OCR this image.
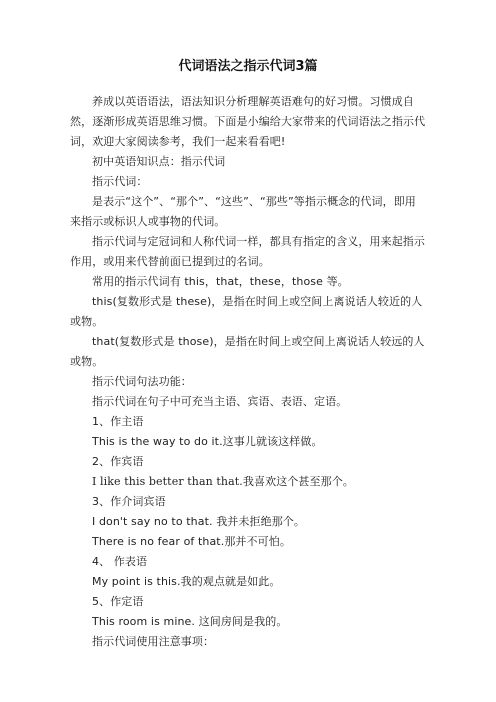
代词语法之指示代词3篇

养成以英语语法，语法知识分析理解英语难句的好习惯。习惯成自然，逐渐形成英语思维习惯。下面是小编给大家带来的代词语法之指示代词，欢迎大家阅读参考，我们一起来看看吧!

初中英语知识点：指示代词

指示代词：

是表示“这个”、“那个”、“这些”、“那些”等指示概念的代词，即用来指示或标识人或事物的代词。

指示代词与定冠词和人称代词一样，都具有指定的含义，用来起指示作用，或用来代替前面已提到过的名词。

常用的指示代词有 this，that，these，those 等。

this(复数形式是 these)，是指在时间上或空间上离说话人较近的人或物。

that(复数形式是 those)，是指在时间上或空间上离说话人较远的人或物。

指示代词句法功能：

指示代词在句子中可充当主语、宾语、表语、定语。

1、作主语

This is the way to do it.这事儿就该这样做。

2、作宾语

I like this better than that.我喜欢这个甚至那个。

3、作介词宾语

I don't say no to that. 我并未拒绝那个。

There is no fear of that.那并不可怕。

4、 作表语

My point is this.我的观点就是如此。

5、作定语

This room is mine. 这间房间是我的。

指示代词使用注意事项：
